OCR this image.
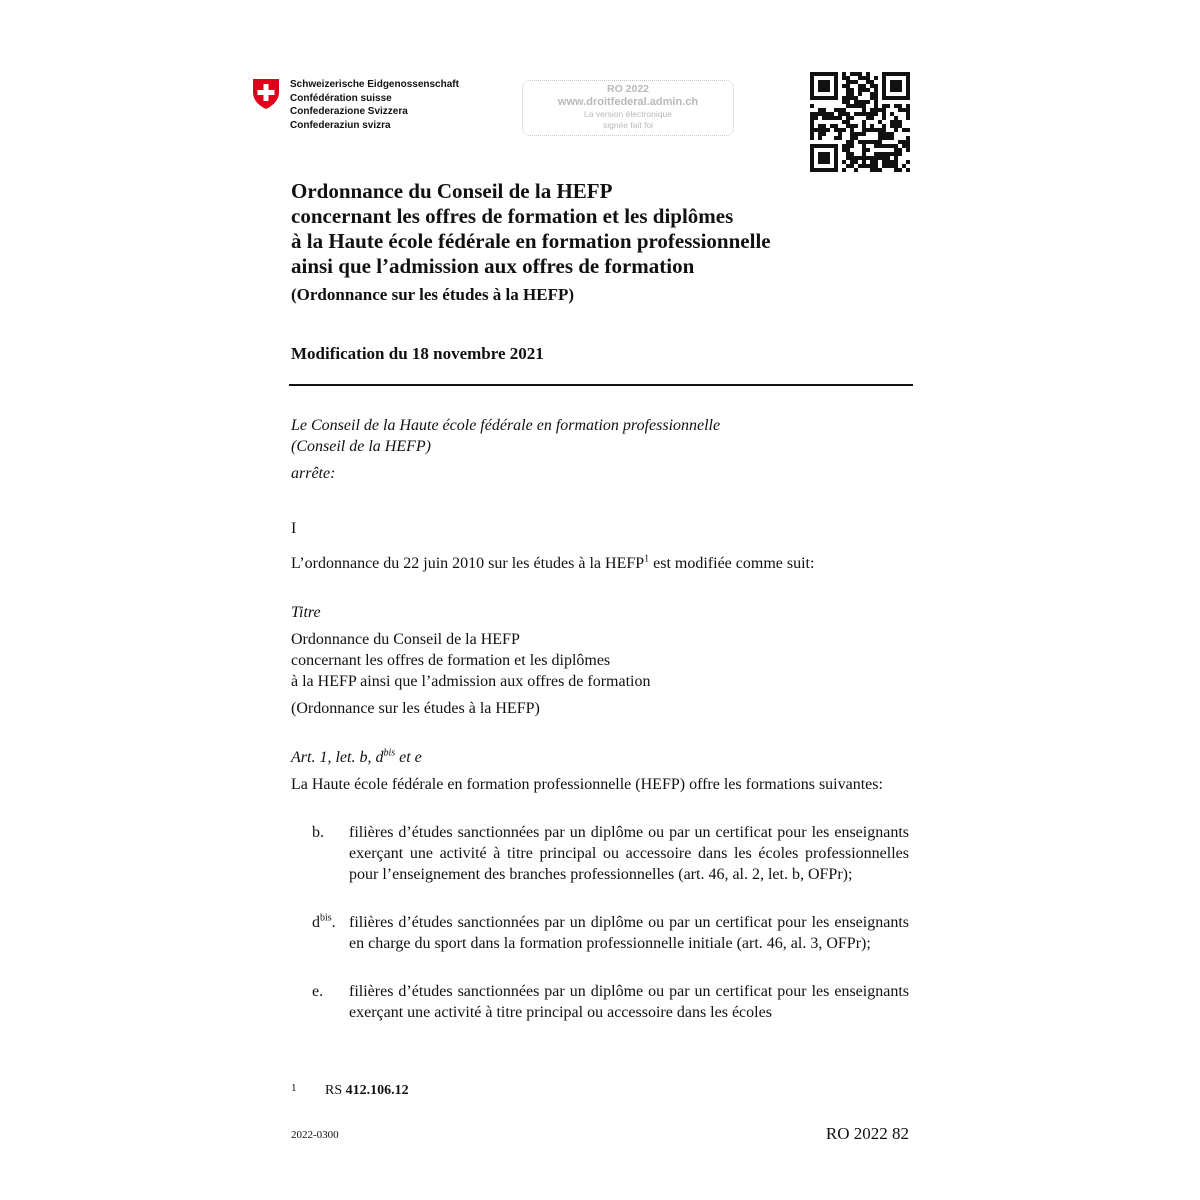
Schweizerische Eidgenossenschaft
Confédération suisse
Confederazione Svizzera
Confederaziun svizra
RO 2022
www.droitfederal.admin.ch
La version électronique
signée fait foi
Ordonnance du Conseil de la HEFP
concernant les offres de formation et les diplômes
à la Haute école fédérale en formation professionnelle
ainsi que l’admission aux offres de formation
(Ordonnance sur les études à la HEFP)
Modification du 18 novembre 2021
Le Conseil de la Haute école fédérale en formation professionnelle
(Conseil de la HEFP)
arrête:
I
L’ordonnance du 22 juin 2010 sur les études à la HEFP$^1$ est modifiée comme suit:
Titre
Ordonnance du Conseil de la HEFP
concernant les offres de formation et les diplômes
à la HEFP ainsi que l’admission aux offres de formation
(Ordonnance sur les études à la HEFP)
Art. 1, let. b, $d^{bis}$ et e
La Haute école fédérale en formation professionnelle (HEFP) offre les formations suivantes:
b. filières d’études sanctionnées par un diplôme ou par un certificat pour les enseignants exerçant une activité à titre principal ou accessoire dans les écoles professionnelles pour l’enseignement des branches professionnelles (art. 46, al. 2, let. b, OFPr);
$d^{bis}$. filières d’études sanctionnées par un diplôme ou par un certificat pour les enseignants en charge du sport dans la formation professionnelle initiale (art. 46, al. 3, OFPr);
e. filières d’études sanctionnées par un diplôme ou par un certificat pour les enseignants exerçant une activité à titre principal ou accessoire dans les écoles
1 RS 412.106.12
2022-0300	RO 2022 82
